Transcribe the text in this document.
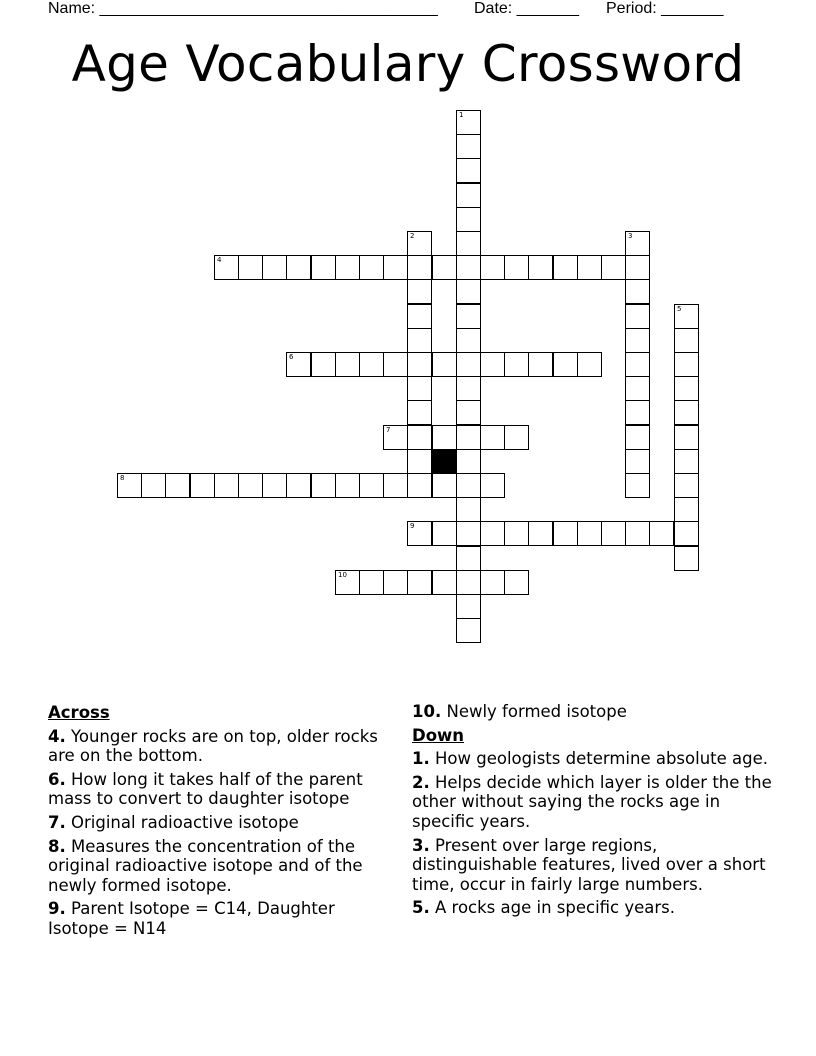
Name: ______________________________________ Date: _______ Period: _______
Age Vocabulary Crossword
1
2	3
4
5
6
7
8
9
10
Across
4. Younger rocks are on top, older rocks are on the bottom.
6. How long it takes half of the parent mass to convert to daughter isotope
7. Original radioactive isotope
8. Measures the concentration of the original radioactive isotope and of the newly formed isotope.
9. Parent Isotope = C14, Daughter Isotope = N14
10. Newly formed isotope
Down
1. How geologists determine absolute age.
2. Helps decide which layer is older the the other without saying the rocks age in specific years.
3. Present over large regions, distinguishable features, lived over a short time, occur in fairly large numbers.
5. A rocks age in specific years.
